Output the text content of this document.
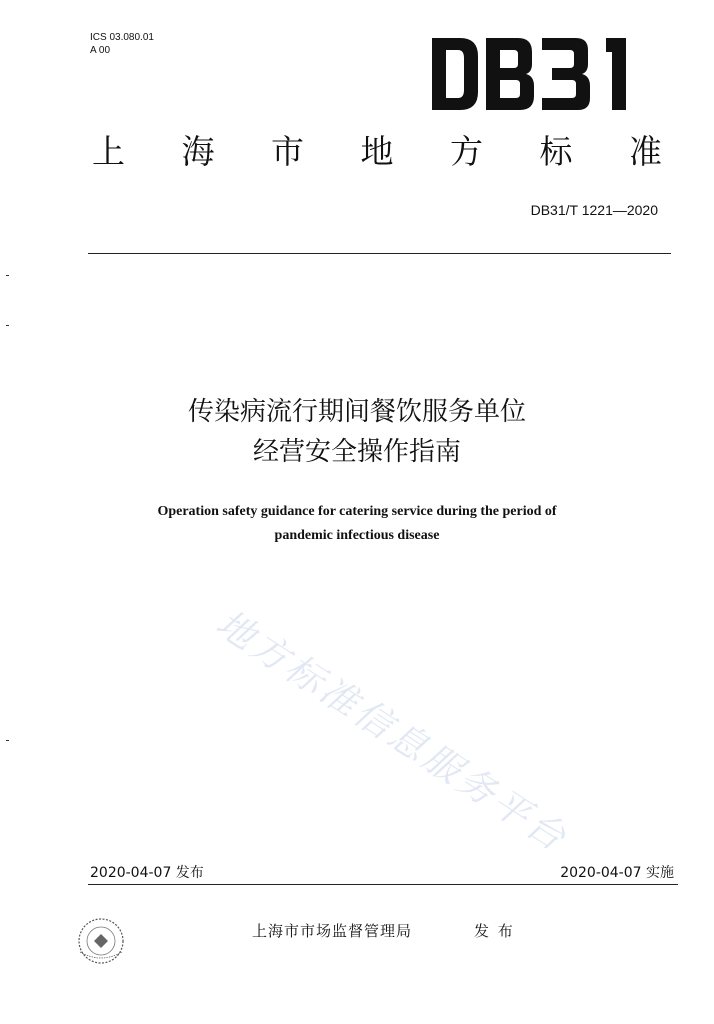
ICS 03.080.01
A 00
上 海 市 地 方 标 准
DB31/T 1221—2020
传染病流行期间餐饮服务单位
经营安全操作指南
Operation safety guidance for catering service during the period of
pandemic infectious disease
地方标准信息服务平台
2020-04-07 发布	2020-04-07 实施
上海市市场监督管理局	发 布
